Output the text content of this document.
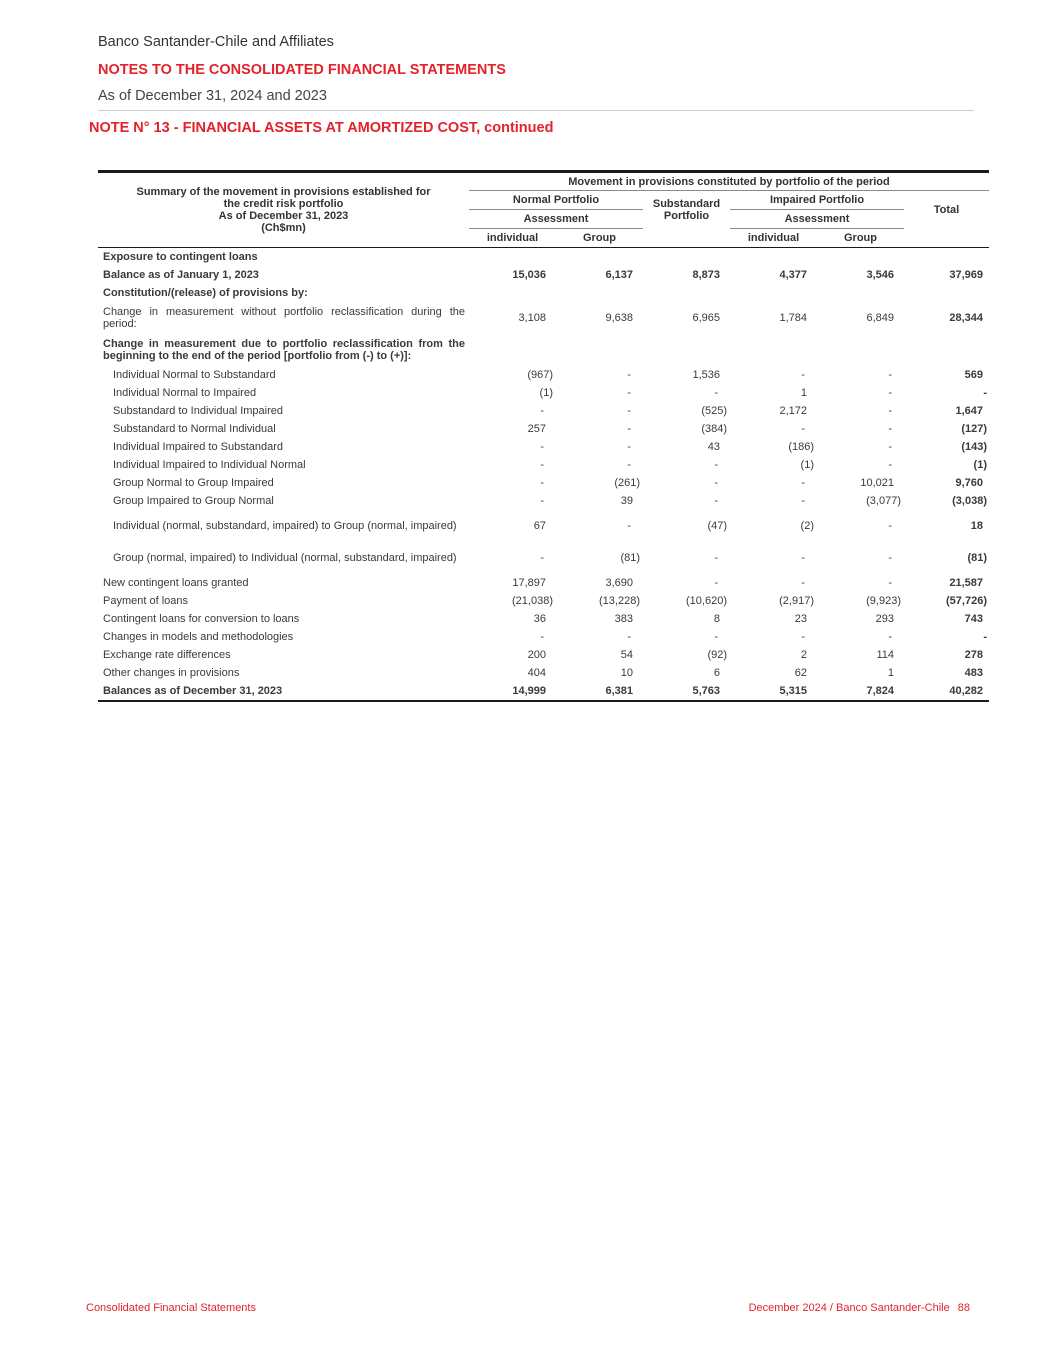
Banco Santander-Chile and Affiliates
NOTES TO THE CONSOLIDATED FINANCIAL STATEMENTS
As of December 31, 2024 and 2023
NOTE N° 13 - FINANCIAL ASSETS AT AMORTIZED COST, continued
Summary of the movement in provisions established for
the credit risk portfolio
As of December 31, 2023
(Ch$mn)	Movement in provisions constituted by portfolio of the period					
	Normal Portfolio		Substandard
Portfolio	Impaired Portfolio		Total
	Assessment			Assessment		
	individual	Group		individual	Group	
Exposure to contingent loans						
Balance as of January 1, 2023	15,036	6,137	8,873	4,377	3,546	37,969
Constitution/(release) of provisions by:						
Change in measurement without portfolio reclassification during the period:	3,108	9,638	6,965	1,784	6,849	28,344
Change in measurement due to portfolio reclassification from the beginning to the end of the period [portfolio from (-) to (+)]:						
Individual Normal to Substandard	(967)	-	1,536	-	-	569
Individual Normal to Impaired	(1)	-	-	1	-	-
Substandard to Individual Impaired	-	-	(525)	2,172	-	1,647
Substandard to Normal Individual	257	-	(384)	-	-	(127)
Individual Impaired to Substandard	-	-	43	(186)	-	(143)
Individual Impaired to Individual Normal	-	-	-	(1)	-	(1)
Group Normal to Group Impaired	-	(261)	-	-	10,021	9,760
Group Impaired to Group Normal	-	39	-	-	(3,077)	(3,038)
Individual (normal, substandard, impaired) to Group (normal, impaired)	67	-	(47)	(2)	-	18
Group (normal, impaired) to Individual (normal, substandard, impaired)	-	(81)	-	-	-	(81)
New contingent loans granted	17,897	3,690	-	-	-	21,587
Payment of loans	(21,038)	(13,228)	(10,620)	(2,917)	(9,923)	(57,726)
Contingent loans for conversion to loans	36	383	8	23	293	743
Changes in models and methodologies	-	-	-	-	-	-
Exchange rate differences	200	54	(92)	2	114	278
Other changes in provisions	404	10	6	62	1	483
Balances as of December 31, 2023	14,999	6,381	5,763	5,315	7,824	40,282
Consolidated Financial Statements	December 2024 / Banco Santander-Chile 88
